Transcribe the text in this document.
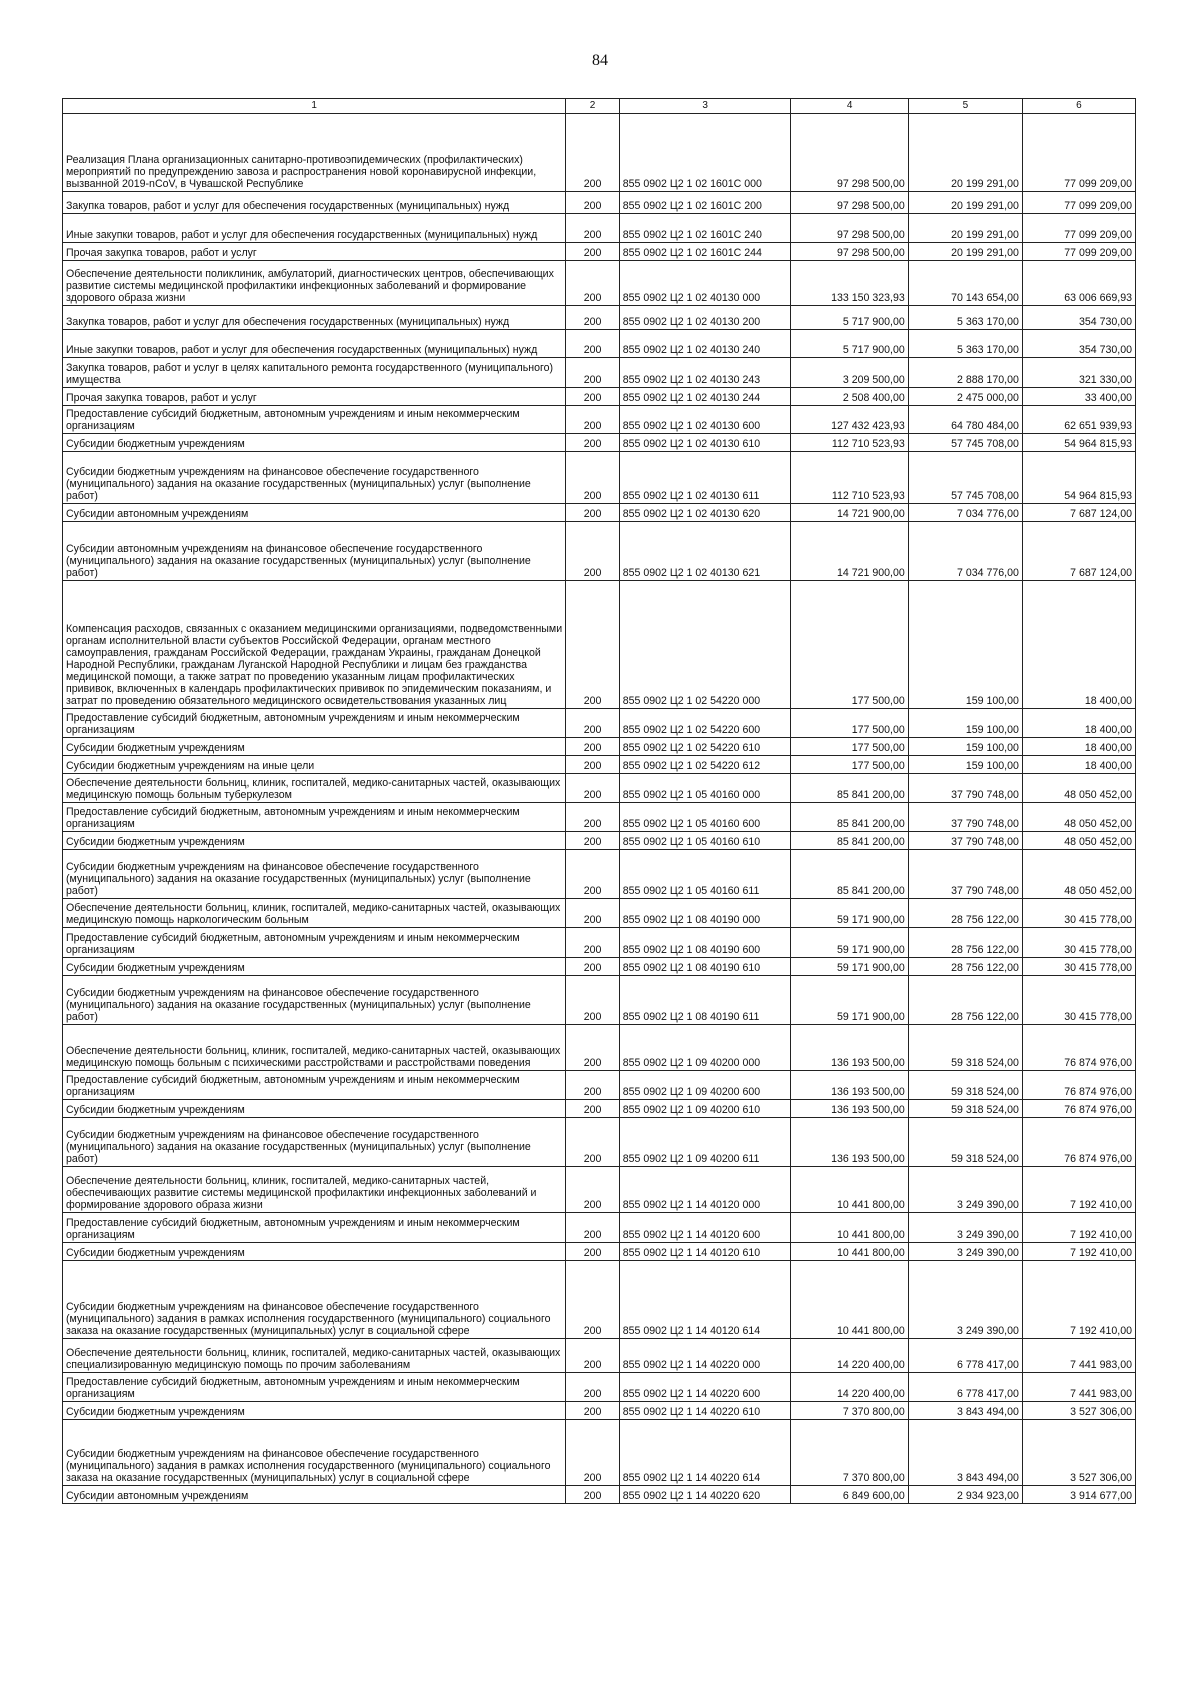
84
1	2	3	4	5	6
Реализация Плана организационных санитарно-противоэпидемических (профилактических) мероприятий по предупреждению завоза и распространения новой коронавирусной инфекции, вызванной 2019-nCoV, в Чувашской Республике	200	855 0902 Ц2 1 02 1601С 000	97 298 500,00	20 199 291,00	77 099 209,00
Закупка товаров, работ и услуг для обеспечения государственных (муниципальных) нужд	200	855 0902 Ц2 1 02 1601С 200	97 298 500,00	20 199 291,00	77 099 209,00
Иные закупки товаров, работ и услуг для обеспечения государственных (муниципальных) нужд	200	855 0902 Ц2 1 02 1601С 240	97 298 500,00	20 199 291,00	77 099 209,00
Прочая закупка товаров, работ и услуг	200	855 0902 Ц2 1 02 1601С 244	97 298 500,00	20 199 291,00	77 099 209,00
Обеспечение деятельности поликлиник, амбулаторий, диагностических центров, обеспечивающих развитие системы медицинской профилактики инфекционных заболеваний и формирование здорового образа жизни	200	855 0902 Ц2 1 02 40130 000	133 150 323,93	70 143 654,00	63 006 669,93
Закупка товаров, работ и услуг для обеспечения государственных (муниципальных) нужд	200	855 0902 Ц2 1 02 40130 200	5 717 900,00	5 363 170,00	354 730,00
Иные закупки товаров, работ и услуг для обеспечения государственных (муниципальных) нужд	200	855 0902 Ц2 1 02 40130 240	5 717 900,00	5 363 170,00	354 730,00
Закупка товаров, работ и услуг в целях капитального ремонта государственного (муниципального) имущества	200	855 0902 Ц2 1 02 40130 243	3 209 500,00	2 888 170,00	321 330,00
Прочая закупка товаров, работ и услуг	200	855 0902 Ц2 1 02 40130 244	2 508 400,00	2 475 000,00	33 400,00
Предоставление субсидий бюджетным, автономным учреждениям и иным некоммерческим организациям	200	855 0902 Ц2 1 02 40130 600	127 432 423,93	64 780 484,00	62 651 939,93
Субсидии бюджетным учреждениям	200	855 0902 Ц2 1 02 40130 610	112 710 523,93	57 745 708,00	54 964 815,93
Субсидии бюджетным учреждениям на финансовое обеспечение государственного (муниципального) задания на оказание государственных (муниципальных) услуг (выполнение работ)	200	855 0902 Ц2 1 02 40130 611	112 710 523,93	57 745 708,00	54 964 815,93
Субсидии автономным учреждениям	200	855 0902 Ц2 1 02 40130 620	14 721 900,00	7 034 776,00	7 687 124,00
Субсидии автономным учреждениям на финансовое обеспечение государственного (муниципального) задания на оказание государственных (муниципальных) услуг (выполнение работ)	200	855 0902 Ц2 1 02 40130 621	14 721 900,00	7 034 776,00	7 687 124,00
Компенсация расходов, связанных с оказанием медицинскими организациями, подведомственными органам исполнительной власти субъектов Российской Федерации, органам местного самоуправления, гражданам Российской Федерации, гражданам Украины, гражданам Донецкой Народной Республики, гражданам Луганской Народной Республики и лицам без гражданства медицинской помощи, а также затрат по проведению указанным лицам профилактических прививок, включенных в календарь профилактических прививок по эпидемическим показаниям, и затрат по проведению обязательного медицинского освидетельствования указанных лиц	200	855 0902 Ц2 1 02 54220 000	177 500,00	159 100,00	18 400,00
Предоставление субсидий бюджетным, автономным учреждениям и иным некоммерческим организациям	200	855 0902 Ц2 1 02 54220 600	177 500,00	159 100,00	18 400,00
Субсидии бюджетным учреждениям	200	855 0902 Ц2 1 02 54220 610	177 500,00	159 100,00	18 400,00
Субсидии бюджетным учреждениям на иные цели	200	855 0902 Ц2 1 02 54220 612	177 500,00	159 100,00	18 400,00
Обеспечение деятельности больниц, клиник, госпиталей, медико-санитарных частей, оказывающих медицинскую помощь больным туберкулезом	200	855 0902 Ц2 1 05 40160 000	85 841 200,00	37 790 748,00	48 050 452,00
Предоставление субсидий бюджетным, автономным учреждениям и иным некоммерческим организациям	200	855 0902 Ц2 1 05 40160 600	85 841 200,00	37 790 748,00	48 050 452,00
Субсидии бюджетным учреждениям	200	855 0902 Ц2 1 05 40160 610	85 841 200,00	37 790 748,00	48 050 452,00
Субсидии бюджетным учреждениям на финансовое обеспечение государственного (муниципального) задания на оказание государственных (муниципальных) услуг (выполнение работ)	200	855 0902 Ц2 1 05 40160 611	85 841 200,00	37 790 748,00	48 050 452,00
Обеспечение деятельности больниц, клиник, госпиталей, медико-санитарных частей, оказывающих медицинскую помощь наркологическим больным	200	855 0902 Ц2 1 08 40190 000	59 171 900,00	28 756 122,00	30 415 778,00
Предоставление субсидий бюджетным, автономным учреждениям и иным некоммерческим организациям	200	855 0902 Ц2 1 08 40190 600	59 171 900,00	28 756 122,00	30 415 778,00
Субсидии бюджетным учреждениям	200	855 0902 Ц2 1 08 40190 610	59 171 900,00	28 756 122,00	30 415 778,00
Субсидии бюджетным учреждениям на финансовое обеспечение государственного (муниципального) задания на оказание государственных (муниципальных) услуг (выполнение работ)	200	855 0902 Ц2 1 08 40190 611	59 171 900,00	28 756 122,00	30 415 778,00
Обеспечение деятельности больниц, клиник, госпиталей, медико-санитарных частей, оказывающих медицинскую помощь больным с психическими расстройствами и расстройствами поведения	200	855 0902 Ц2 1 09 40200 000	136 193 500,00	59 318 524,00	76 874 976,00
Предоставление субсидий бюджетным, автономным учреждениям и иным некоммерческим организациям	200	855 0902 Ц2 1 09 40200 600	136 193 500,00	59 318 524,00	76 874 976,00
Субсидии бюджетным учреждениям	200	855 0902 Ц2 1 09 40200 610	136 193 500,00	59 318 524,00	76 874 976,00
Субсидии бюджетным учреждениям на финансовое обеспечение государственного (муниципального) задания на оказание государственных (муниципальных) услуг (выполнение работ)	200	855 0902 Ц2 1 09 40200 611	136 193 500,00	59 318 524,00	76 874 976,00
Обеспечение деятельности больниц, клиник, госпиталей, медико-санитарных частей, обеспечивающих развитие системы медицинской профилактики инфекционных заболеваний и формирование здорового образа жизни	200	855 0902 Ц2 1 14 40120 000	10 441 800,00	3 249 390,00	7 192 410,00
Предоставление субсидий бюджетным, автономным учреждениям и иным некоммерческим организациям	200	855 0902 Ц2 1 14 40120 600	10 441 800,00	3 249 390,00	7 192 410,00
Субсидии бюджетным учреждениям	200	855 0902 Ц2 1 14 40120 610	10 441 800,00	3 249 390,00	7 192 410,00
Субсидии бюджетным учреждениям на финансовое обеспечение государственного (муниципального) задания в рамках исполнения государственного (муниципального) социального заказа на оказание государственных (муниципальных) услуг в социальной сфере	200	855 0902 Ц2 1 14 40120 614	10 441 800,00	3 249 390,00	7 192 410,00
Обеспечение деятельности больниц, клиник, госпиталей, медико-санитарных частей, оказывающих специализированную медицинскую помощь по прочим заболеваниям	200	855 0902 Ц2 1 14 40220 000	14 220 400,00	6 778 417,00	7 441 983,00
Предоставление субсидий бюджетным, автономным учреждениям и иным некоммерческим организациям	200	855 0902 Ц2 1 14 40220 600	14 220 400,00	6 778 417,00	7 441 983,00
Субсидии бюджетным учреждениям	200	855 0902 Ц2 1 14 40220 610	7 370 800,00	3 843 494,00	3 527 306,00
Субсидии бюджетным учреждениям на финансовое обеспечение государственного (муниципального) задания в рамках исполнения государственного (муниципального) социального заказа на оказание государственных (муниципальных) услуг в социальной сфере	200	855 0902 Ц2 1 14 40220 614	7 370 800,00	3 843 494,00	3 527 306,00
Субсидии автономным учреждениям	200	855 0902 Ц2 1 14 40220 620	6 849 600,00	2 934 923,00	3 914 677,00
